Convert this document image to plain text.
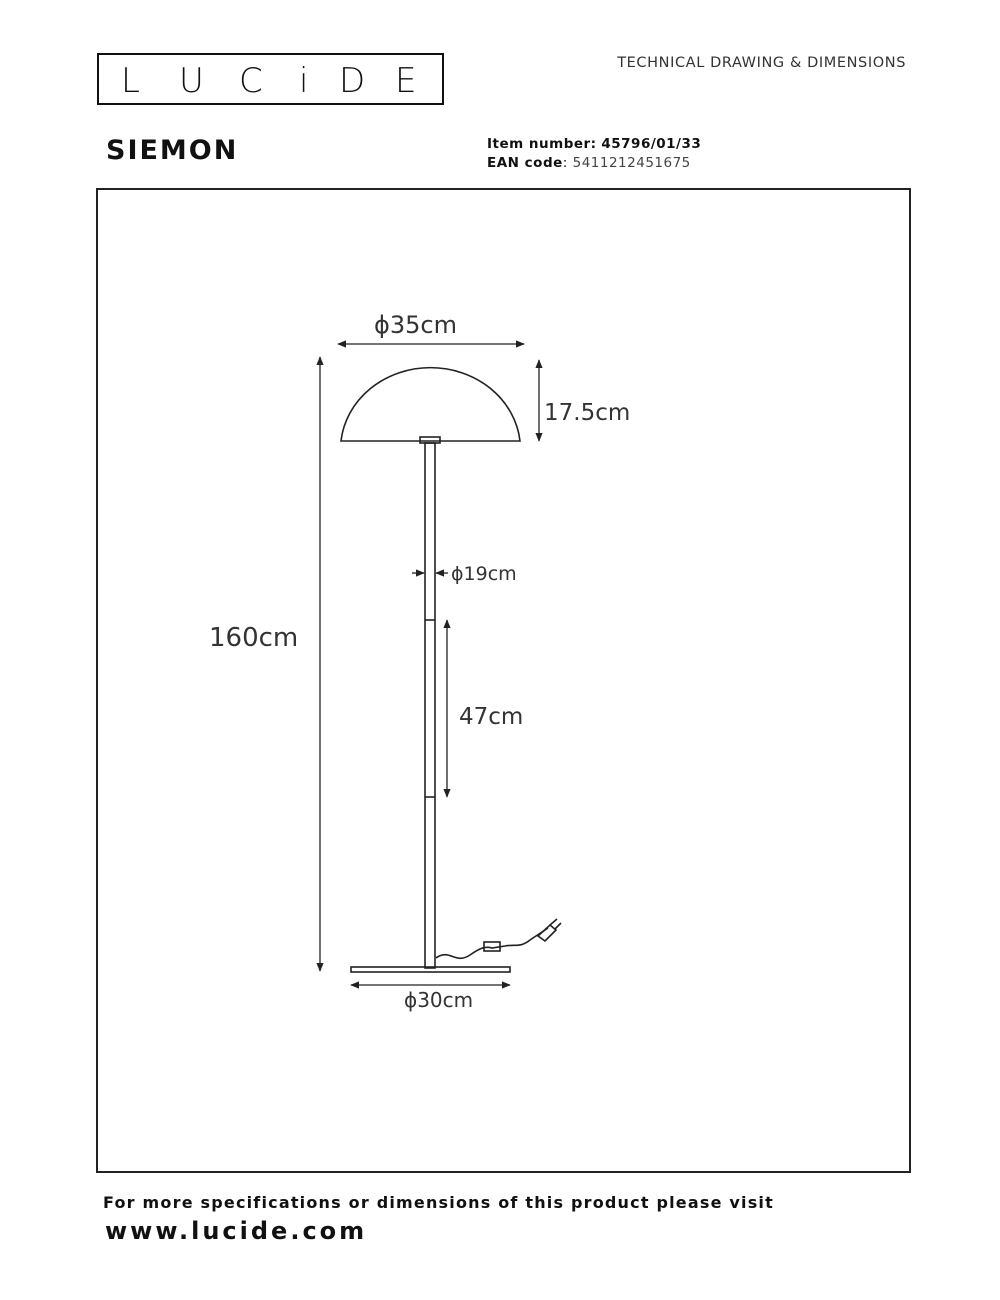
L U C i D E	TECHNICAL DRAWING & DIMENSIONS
SIEMON	Item number: 45796/01/33
EAN code: 5411212451675
ϕ35cm
17.5cm
ϕ19cm
160cm
47cm
ϕ30cm
For more specifications or dimensions of this product please visit
www.lucide.com
